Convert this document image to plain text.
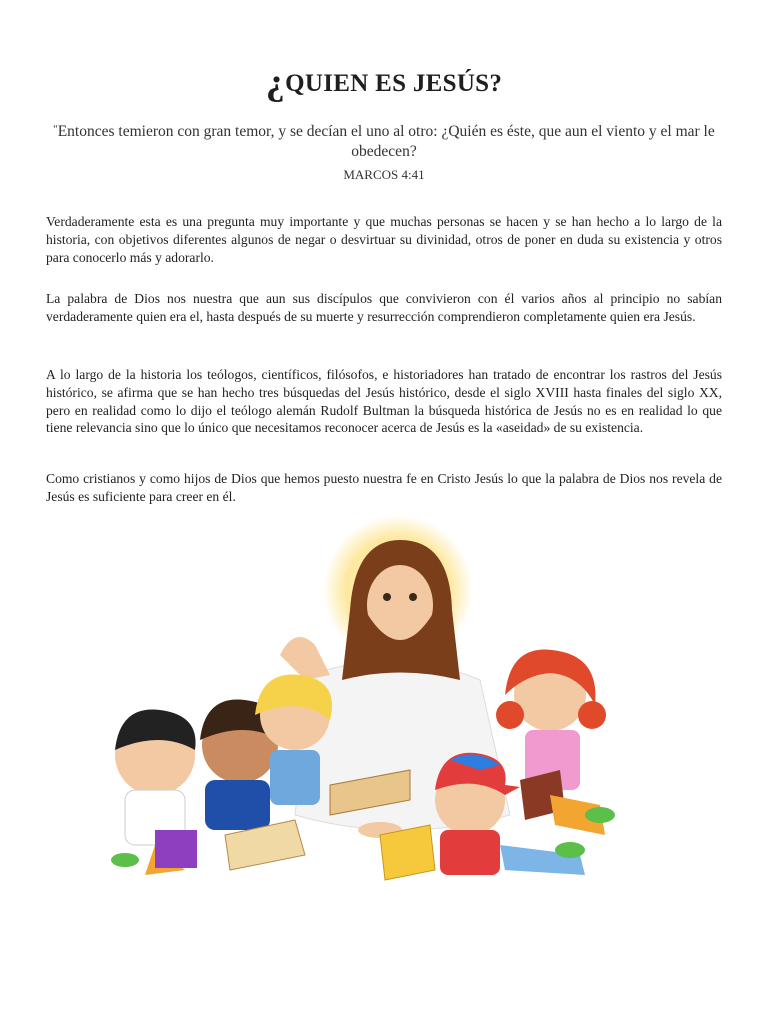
¿QUIEN ES JESÚS?
“Entonces temieron con gran temor, y se decían el uno al otro: ¿Quién es éste, que aun el viento y el mar le obedecen?
MARCOS 4:41
Verdaderamente esta es una pregunta muy importante y que muchas personas se hacen y se han hecho a lo largo de la historia, con objetivos diferentes algunos de negar o desvirtuar su divinidad, otros de poner en duda su existencia y otros para conocerlo más y adorarlo.
La palabra de Dios nos nuestra que aun sus discípulos que convivieron con él varios años al principio no sabían verdaderamente quien era el, hasta después de su muerte y resurrección comprendieron completamente quien era Jesús.
A lo largo de la historia los teólogos, científicos, filósofos, e historiadores han tratado de encontrar los rastros del Jesús histórico, se afirma que se han hecho tres búsquedas del Jesús histórico, desde el siglo XVIII hasta finales del siglo XX, pero en realidad como lo dijo el teólogo alemán Rudolf Bultman la búsqueda histórica de Jesús no es en realidad lo que tiene relevancia sino que lo único que necesitamos reconocer acerca de Jesús es la «aseidad» de su existencia.
Como cristianos y como hijos de Dios que hemos puesto nuestra fe en Cristo Jesús lo que la palabra de Dios nos revela de Jesús es suficiente para creer en él.
